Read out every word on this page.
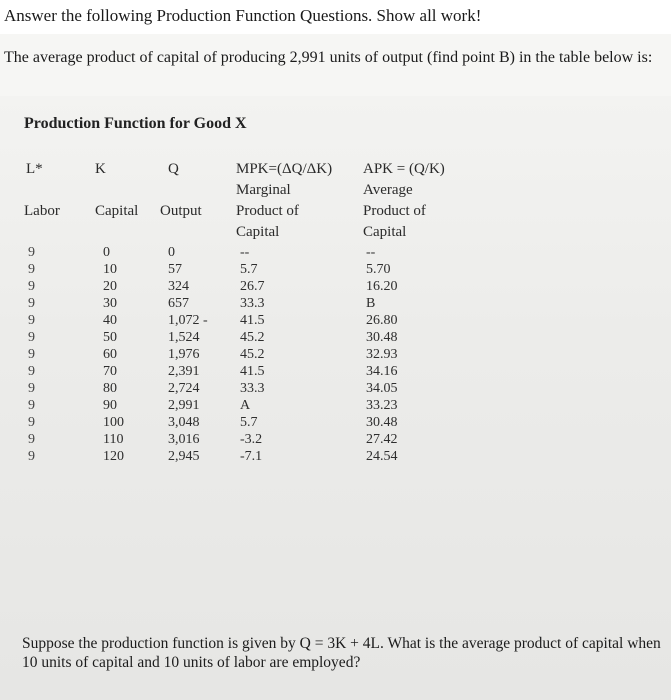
Answer the following Production Function Questions. Show all work!
The average product of capital of producing 2,991 units of output (find point B) in the table below is:
Production Function for Good X
L*
Labor
K
Capital
Q
Output
MPK=(ΔQ/ΔK)
Marginal
Product of
Capital
APK = (Q/K)
Average
Product of
Capital
9
9
9
9
9
9
9
9
9
9
9
9
9
0
10
20
30
40
50
60
70
80
90
100
110
120
0
57
324
657
1,072 -
1,524
1,976
2,391
2,724
2,991
3,048
3,016
2,945
--
5.7
26.7
33.3
41.5
45.2
45.2
41.5
33.3
A
5.7
-3.2
-7.1
--
5.70
16.20
B
26.80
30.48
32.93
34.16
34.05
33.23
30.48
27.42
24.54
Suppose the production function is given by Q = 3K + 4L. What is the average product of capital when 10 units of capital and 10 units of labor are employed?
